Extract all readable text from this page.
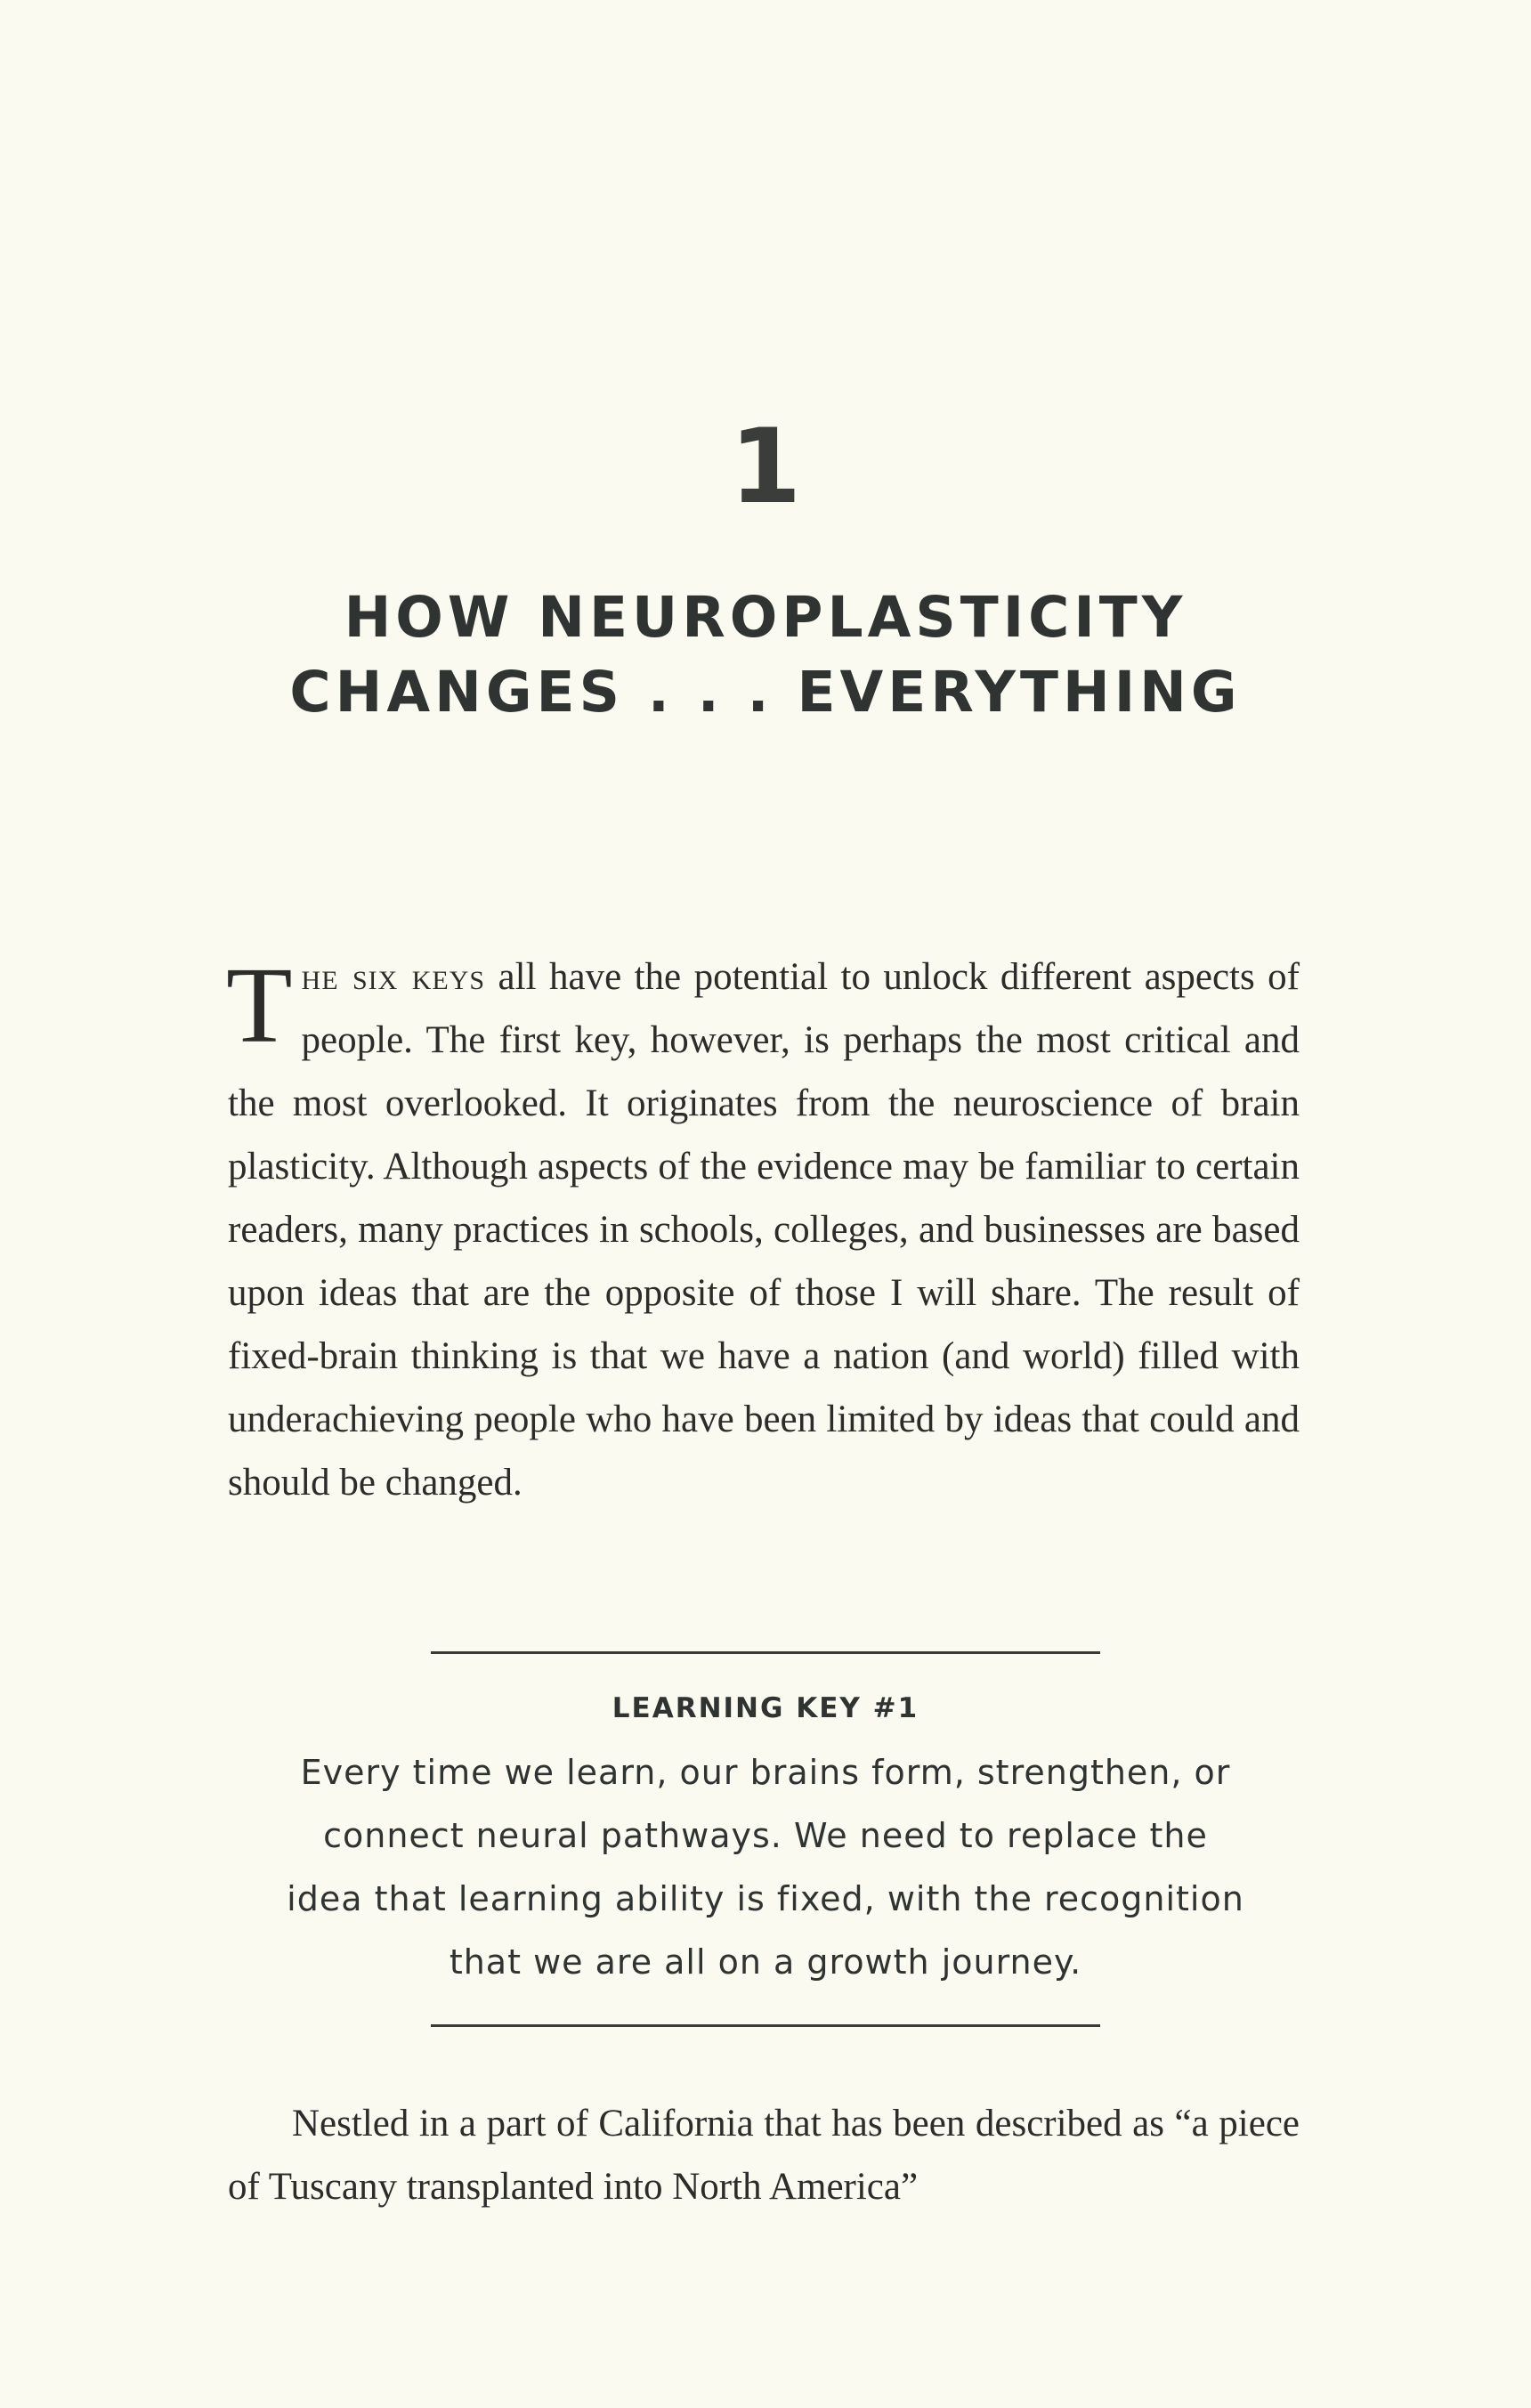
1
HOW NEUROPLASTICITY
CHANGES . . . EVERYTHING
The six keys all have the potential to unlock different aspects of people. The first key, however, is perhaps the most critical and the most overlooked. It originates from the neuroscience of brain plasticity. Although aspects of the evidence may be familiar to certain readers, many practices in schools, colleges, and businesses are based upon ideas that are the opposite of those I will share. The result of fixed-brain thinking is that we have a nation (and world) filled with underachieving people who have been limited by ideas that could and should be changed.
LEARNING KEY #1
Every time we learn, our brains form, strengthen, or
connect neural pathways. We need to replace the
idea that learning ability is fixed, with the recognition
that we are all on a growth journey.

Nestled in a part of California that has been described as “a piece of Tuscany transplanted into North America”
